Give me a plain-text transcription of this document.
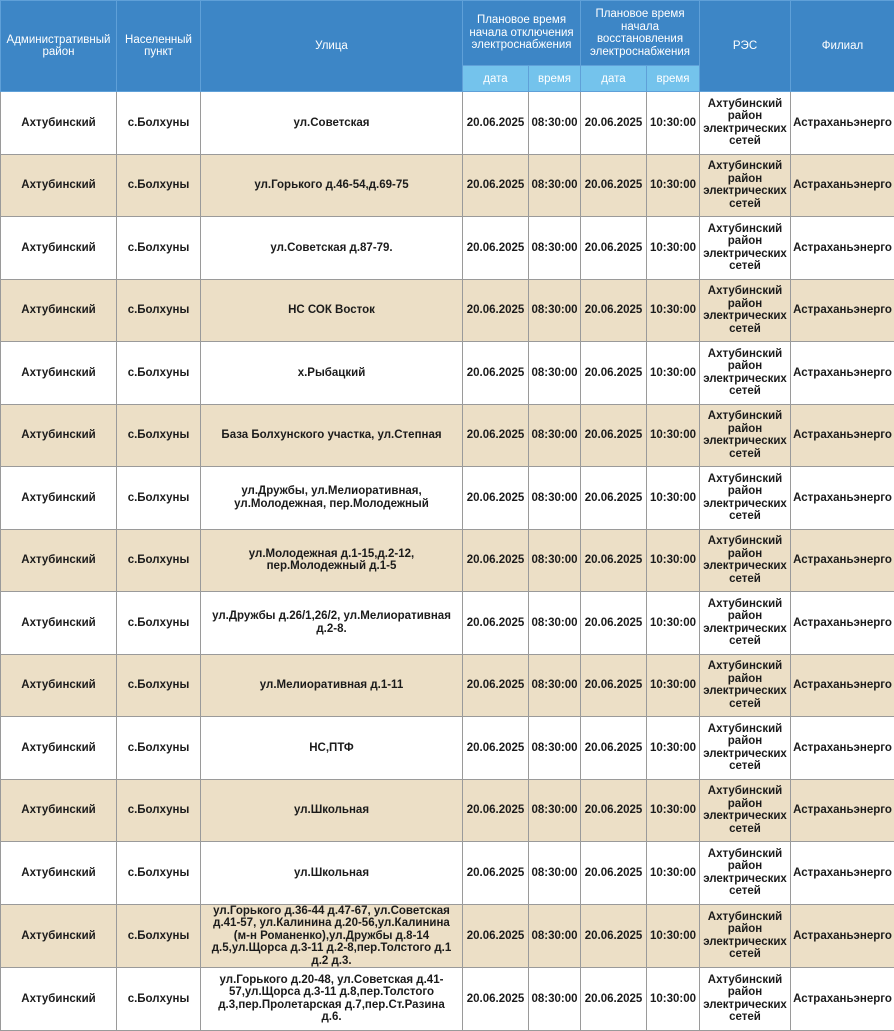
Административный район	Населенный пункт	Улица	Плановое время начала отключения электроснабжения		Плановое время начала восстановления электроснабжения		РЭС	Филиал
			дата	время	дата	время		
Ахтубинский	с.Болхуны	ул.Советская	20.06.2025	08:30:00	20.06.2025	10:30:00	Ахтубинский район электрических сетей	Астраханьэнерго
Ахтубинский	с.Болхуны	ул.Горького д.46-54,д.69-75	20.06.2025	08:30:00	20.06.2025	10:30:00	Ахтубинский район электрических сетей	Астраханьэнерго
Ахтубинский	с.Болхуны	ул.Советская д.87-79.	20.06.2025	08:30:00	20.06.2025	10:30:00	Ахтубинский район электрических сетей	Астраханьэнерго
Ахтубинский	с.Болхуны	НС СОК Восток	20.06.2025	08:30:00	20.06.2025	10:30:00	Ахтубинский район электрических сетей	Астраханьэнерго
Ахтубинский	с.Болхуны	х.Рыбацкий	20.06.2025	08:30:00	20.06.2025	10:30:00	Ахтубинский район электрических сетей	Астраханьэнерго
Ахтубинский	с.Болхуны	База Болхунского участка, ул.Степная	20.06.2025	08:30:00	20.06.2025	10:30:00	Ахтубинский район электрических сетей	Астраханьэнерго
Ахтубинский	с.Болхуны	ул.Дружбы, ул.Мелиоративная, ул.Молодежная, пер.Молодежный	20.06.2025	08:30:00	20.06.2025	10:30:00	Ахтубинский район электрических сетей	Астраханьэнерго
Ахтубинский	с.Болхуны	ул.Молодежная д.1-15,д.2-12, пер.Молодежный д.1-5	20.06.2025	08:30:00	20.06.2025	10:30:00	Ахтубинский район электрических сетей	Астраханьэнерго
Ахтубинский	с.Болхуны	ул.Дружбы д.26/1,26/2, ул.Мелиоративная д.2-8.	20.06.2025	08:30:00	20.06.2025	10:30:00	Ахтубинский район электрических сетей	Астраханьэнерго
Ахтубинский	с.Болхуны	ул.Мелиоративная д.1-11	20.06.2025	08:30:00	20.06.2025	10:30:00	Ахтубинский район электрических сетей	Астраханьэнерго
Ахтубинский	с.Болхуны	НС,ПТФ	20.06.2025	08:30:00	20.06.2025	10:30:00	Ахтубинский район электрических сетей	Астраханьэнерго
Ахтубинский	с.Болхуны	ул.Школьная	20.06.2025	08:30:00	20.06.2025	10:30:00	Ахтубинский район электрических сетей	Астраханьэнерго
Ахтубинский	с.Болхуны	ул.Школьная	20.06.2025	08:30:00	20.06.2025	10:30:00	Ахтубинский район электрических сетей	Астраханьэнерго
Ахтубинский	с.Болхуны	ул.Горького д.36-44 д.47-67, ул.Советская д.41-57, ул.Калинина д.20-56,ул.Калинина (м-н Романенко),ул.Дружбы д.8-14 д.5,ул.Щорса д.3-11 д.2-8,пер.Толстого д.1 д.2 д.3.	20.06.2025	08:30:00	20.06.2025	10:30:00	Ахтубинский район электрических сетей	Астраханьэнерго
Ахтубинский	с.Болхуны	ул.Горького д.20-48, ул.Советская д.41-57,ул.Щорса д.3-11 д.8,пер.Толстого д.3,пер.Пролетарская д.7,пер.Ст.Разина д.6.	20.06.2025	08:30:00	20.06.2025	10:30:00	Ахтубинский район электрических сетей	Астраханьэнерго
